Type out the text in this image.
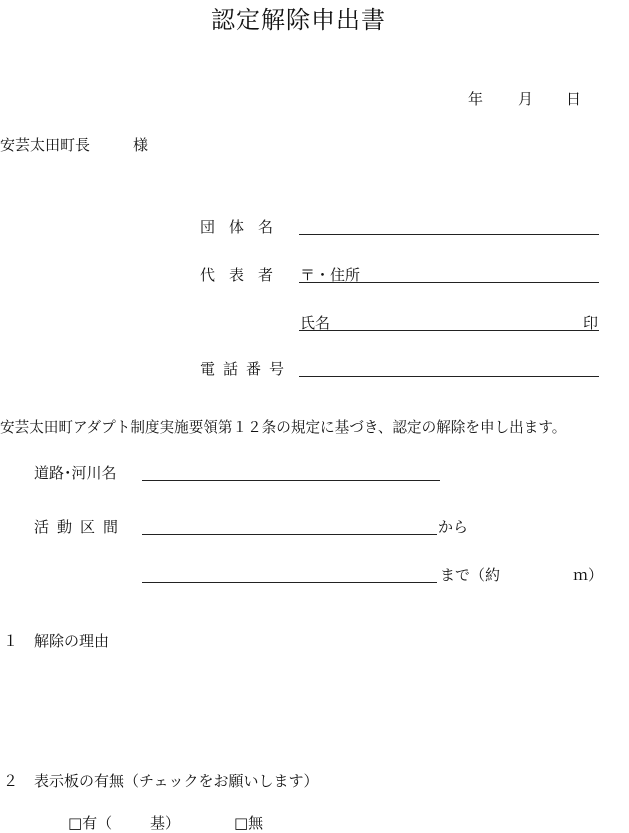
認定解除申出書
年 月 日
安芸太田町長	様
団体名
代表者 〒・住所
氏名	印
電話番号
安芸太田町アダプト制度実施要領第１２条の規定に基づき、認定の解除を申し出ます。
道路･河川名
活動区間	から
まで（約	ｍ）
１ 解除の理由
２ 表示板の有無（チェックをお願いします）
□有（	基）	□無
